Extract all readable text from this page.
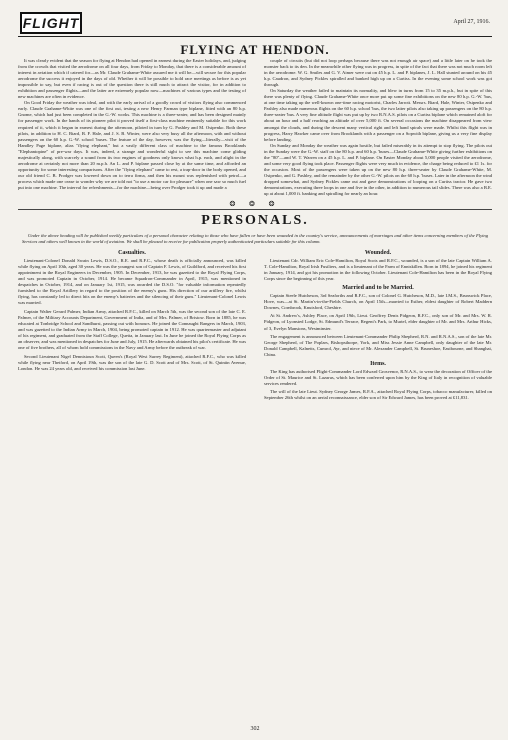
FLIGHT	April 27, 1916.
FLYING AT HENDON.

It was clearly evident that the season for flying at Hendon had opened in earnest during the Easter holidays, and, judging from the crowds that visited the aerodrome on all four days, from Friday to Monday, that there is a considerable amount of interest in aviation which if catered for—as Mr. Claude Grahame-White assured me it will be—will secure for this popular aerodrome the success it enjoyed in the days of old. Whether it will be possible to hold race meetings as before is as yet impossible to say, but even if racing is out of the question there is still much to attract the visitor, for in addition to exhibition and passenger flights—and the latter are extremely popular now—machines of various types and the testing of new machines are often in evidence.

On Good Friday the weather was ideal, and with the early arrival of a goodly crowd of visitors flying also commenced early. Claude Grahame-White was one of the first out, testing a new Henry Farman type biplane, fitted with an 80 h.p. Gnome, which had just been completed in the G.-W. works. This machine is a three-seater, and has been designed mainly for passenger work. In the hands of its pioneer pilot it proved itself a first-class machine eminently suitable for this work required of it, which it began in earnest during the afternoon, piloted in turn by G. Pashley and M. Osipenko. Both these pilots, in addition to H. C. Biard, B. F. Hale, and J. S. B. Winter, were also very busy all the afternoon, with and without passengers on the 60 h.p. G.-W. school 'buses. The feature of the day, however, was the flying—literally—visit of the Handley Page biplane, alias "flying elephant," but a vastly different class of machine to the famous Brooklands "Elephantopine" of pre-war days. It was, indeed, a strange and wonderful sight to see this machine come gliding majestically along, with scarcely a sound from its two engines of goodness only knows what h.p. each, and alight in the aerodrome at certainly not more than 20 m.p.h. An L. and P. biplane passed close by at the same time, and afforded an opportunity for some interesting comparisons. After the "flying elephant" came to rest, a trap-door in the body opened, and our old friend C. B. Prodger was lowered down on to terra firma, and then his mount was replenished with petrol—a process which made one cease to wonder why we are told not "to use a motor car for pleasure" when one saw so much fuel put into one machine. The interval for refreshments—for the machine—being over Prodger took it up and made a

couple of circuits (but did not loop perhaps because there was not enough air space) and a little later on he took the monster back to its den. In the meanwhile other flying was in progress, in spite of the fact that there was not much room left in the aerodrome. W. G. Smiles and G. V. Aimer were out on 45 h.p. L. and P. biplanes, J. L. Hall stunted around on his 45 h.p. Caudron, and Sydney Pickles spiralled and banked high up on a Curtiss. In the evening some school work was got through.

On Saturday the weather failed to maintain its normality, and blew in turns from 15 to 35 m.p.h., but in spite of this there was plenty of flying. Claude Grahame-White once more put up some fine exhibitions on the new 80 h.p. G.-W. 'bus, at one time taking up the well-known one-time racing motorist, Charles Jarrott. Messrs. Biard, Hale, Winter, Osipenko and Pashley also made numerous flights on the 60 h.p. school 'bus, the two latter pilots also taking up passengers on the 80 h.p. three-seater 'bus. A very fine altitude flight was put up by two R.N.A.S. pilots on a Curtiss biplane which remained aloft for about an hour and a half reaching an altitude of over 5,000 ft. On several occasions the machine disappeared from view amongst the clouds, and during the descent many vertical right and left hand spirals were made. Whilst this flight was in progress, Harry Hawker came over from Brooklands with a passenger on a Sopwith biplane, giving us a very fine display before landing.

On Sunday and Monday the weather was again hostile, but failed miserably in its attempt to stop flying. The pilots out in the Sunday were the G.-W. staff on the 80 h.p. and 60 h.p. 'buses—Claude Grahame-White giving further exhibitions on the "80"—and W. T. Warren on a 45 h.p. L. and P. biplane. On Easter Monday about 5,000 people visited the aerodrome, and some very good flying took place. Passenger flights were very much in evidence, the charge being reduced to £1 1s. for the occasion. Most of the passengers were taken up on the new 80 h.p. three-seater by Claude Grahame-White, M. Osipenko, and G. Pashley, and the remainder by the other G.-W. pilots on the 60 h.p. 'buses. Later in the afternoon the wind dropped somewhat, and Sydney Pickles came out and gave demonstrations of looping on a Curtiss tractor. He gave two demonstrations, executing three loops in one and five in the other, in addition to numerous tail slides. There was also a B.E. up at about 1,000 ft. banking and spiralling for nearly an hour.

❂ ❂ ❂
PERSONALS.
Under the above heading will be published weekly particulars of a personal character relating to those who have fallen or have been wounded in the country's service, announcements of marriages and other items concerning members of the Flying Services and others well known in the world of aviation. We shall be pleased to receive for publication properly authenticated particulars suitable for this column.
Casualties.

Lieutenant-Colonel Donald Swain Lewis, D.S.O., R.E. and R.F.C., whose death is officially announced, was killed while flying on April 10th, aged 30 years. He was the youngest son of Captain F. Lewis, of Guildford, and received his first appointment in the Royal Engineers in December, 1905. In December, 1913, he was gazetted to the Royal Flying Corps, and was promoted Captain in October, 1914. He became Squadron-Commander in April, 1915, was mentioned in despatches in October, 1914, and on January 1st, 1915, was awarded the D.S.O. "for valuable information repeatedly furnished to the Royal Artillery in regard to the position of the enemy's guns. His direction of our artillery fire, whilst flying, has constantly led to direct hits on the enemy's batteries and the silencing of their guns." Lieutenant-Colonel Lewis was married.

Captain Walter Gerard Palmer, Indian Army, attached R.F.C., killed on March 5th, was the second son of the late C. E. Palmer, of the Military Accounts Department, Government of India, and of Mrs. Palmer, of Bristow. Born in 1885, he was educated at Tonbridge School and Sandhurst, passing out with honours. He joined the Connaught Rangers in March, 1903, and was gazetted to the Indian Army in March, 1904, being promoted captain in 1912. He was quartermaster and adjutant of his regiment, and graduated from the Staff College, Quetta, in January last. In June he joined the Royal Flying Corps as an observer, and was mentioned in despatches for June and July, 1915. He afterwards obtained his pilot's certificate. He was one of five brothers, all of whom hold commissions in the Navy and Army before the outbreak of war.

Second Lieutenant Nigel Dennistoun Scott, Queen's (Royal West Surrey Regiment), attached R.F.C., who was killed while flying near Thetford, on April 19th, was the son of the late G. D. Scott and of Mrs. Scott, of St. Quintin Avenue, London. He was 24 years old, and received his commission last June.

Wounded.

Lieutenant Cdr. William Eric Cole-Hamilton, Royal Scots and R.F.C., wounded, is a son of the late Captain William A. T. Cole-Hamilton, Royal Irish Fusiliers, and is a lieutenant of the Farm of Enniskillen. Born in 1894, he joined his regiment in January, 1914, and got his promotion in the following October. Lieutenant Cole-Hamilton has been in the Royal Flying Corps since the beginning of this year.

Married and to be Married.

Captain Steele Hutcheson, 3rd Seaforths and R.F.C., son of Colonel G. Hutcheson, M.D., late I.M.S., Brunswick Place, Hove, was—at St. Martin's-in-the-Fields Church, on April 15th—married to Esther, eldest daughter of Robert Maddern Downes, Cornbrook, Knutsford, Cheshire.

At St. Andrew's, Ashley Place, on April 19th, Lieut. Geoffrey Denis Pidgeon, R.F.C., only son of Mr. and Mrs. W. R. Pidgeon, of Lyonsted Lodge, St. Edmund's Terrace, Regent's Park, to Muriel, elder daughter of Mr. and Mrs. Arthur Hicks, of 3, Evelyn Mansions, Westminster.

The engagement is announced between Lieutenant-Commander Philip Shepherd, R.N. and R.N.A.S., son of the late Mr. George Shepherd, of The Poplars, Bishopsthorpe, York, and Miss Jessie Anne Campbell, only daughter of the late Mr. Donald Campbell, Kalnetts, Cumrol, Ayr, and niece of Mr. Alexander Campbell, St. Bruneshoe, Eastbourne, and Shanghai, China.

Items.

The King has authorised Flight-Commander Lord Edward Grosvenor, R.N.A.S., to wear the decoration of Officer of the Order of St. Maurice and St. Lazarus, which has been conferred upon him by the King of Italy in recognition of valuable services rendered.

The will of the late Lieut. Sydney George James, R.F.A., attached Royal Flying Corps, tobacco manufacturer, killed on September 26th whilst on an aerial reconnaissance, elder son of Sir Edward James, has been proved at £11,831.

302
